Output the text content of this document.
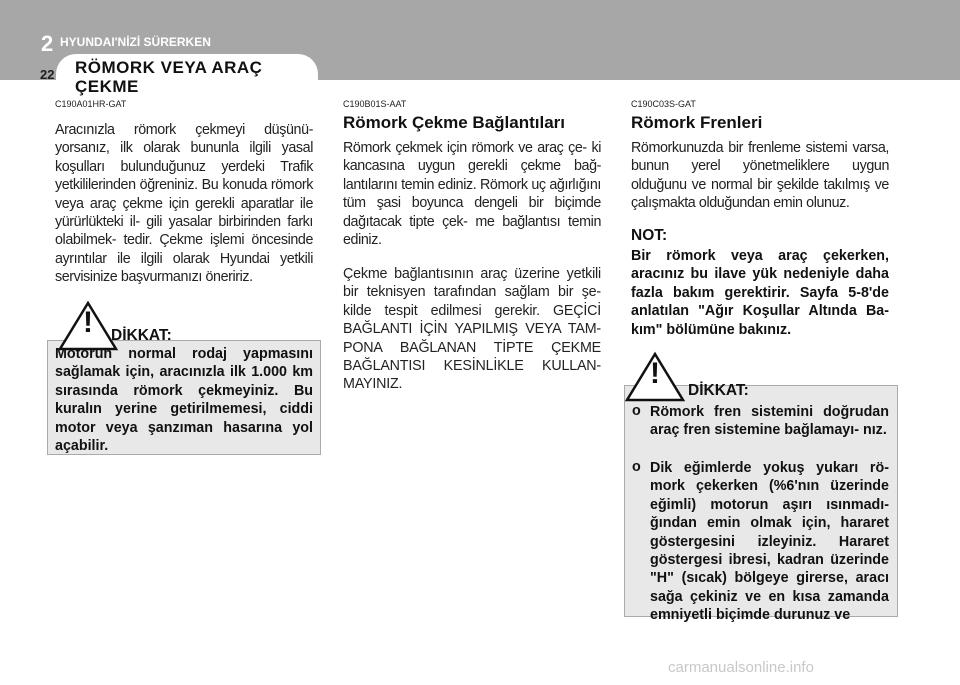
2 HYUNDAI'NİZİ SÜRERKEN
22 RÖMORK VEYA ARAÇ ÇEKME
C190A01HR-GAT

Aracınızla römork çekmeyi düşünü- yorsanız, ilk olarak bununla ilgili yasal koşulları bulunduğunuz yerdeki Trafik yetkililerinden öğreniniz. Bu konuda römork veya araç çekme için gerekli aparatlar ile yürürlükteki il- gili yasalar birbirinden farkı olabilmek- tedir. Çekme işlemi öncesinde ayrıntılar ile ilgili olarak Hyundai yetkili servisinize başvurmanızı öneririz.

!	DİKKAT:

Motorun normal rodaj yapmasını sağlamak için, aracınızla ilk 1.000 km sırasında römork çekmeyiniz. Bu kuralın yerine getirilmemesi, ciddi motor veya şanzıman hasarına yol açabilir.

C190B01S-AAT
Römork Çekme Bağlantıları

Römork çekmek için römork ve araç çe- ki kancasına uygun gerekli çekme bağ- lantılarını temin ediniz. Römork uç ağırlığını tüm şasi boyunca dengeli bir biçimde dağıtacak tipte çek- me bağlantısı temin ediniz.

Çekme bağlantısının araç üzerine yetkili bir teknisyen tarafından sağlam bir şe- kilde tespit edilmesi gerekir. GEÇİCİ BAĞLANTI İÇİN YAPILMIŞ VEYA TAM- PONA BAĞLANAN TİPTE ÇEKME BAĞLANTISI KESİNLİKLE KULLAN- MAYINIZ.

C190C03S-GAT
Römork Frenleri

Römorkunuzda bir frenleme sistemi varsa, bunun yerel yönetmeliklere uygun olduğunu ve normal bir şekilde takılmış ve çalışmakta olduğundan emin olunuz.

NOT:

Bir römork veya araç çekerken, aracınız bu ilave yük nedeniyle daha fazla bakım gerektirir. Sayfa 5-8'de anlatılan "Ağır Koşullar Altında Ba- kım" bölümüne bakınız.

!
DİKKAT:
o Römork fren sistemini doğrudan araç fren sistemine bağlamayı- nız.

o Dik eğimlerde yokuş yukarı rö- mork çekerken (%6'nın üzerinde eğimli) motorun aşırı ısınmadı- ğından emin olmak için, hararet göstergesini izleyiniz. Hararet göstergesi ibresi, kadran üzerinde "H" (sıcak) bölgeye girerse, aracı sağa çekiniz ve en kısa zamanda emniyetli biçimde durunuz ve

carmanualsonline.info
